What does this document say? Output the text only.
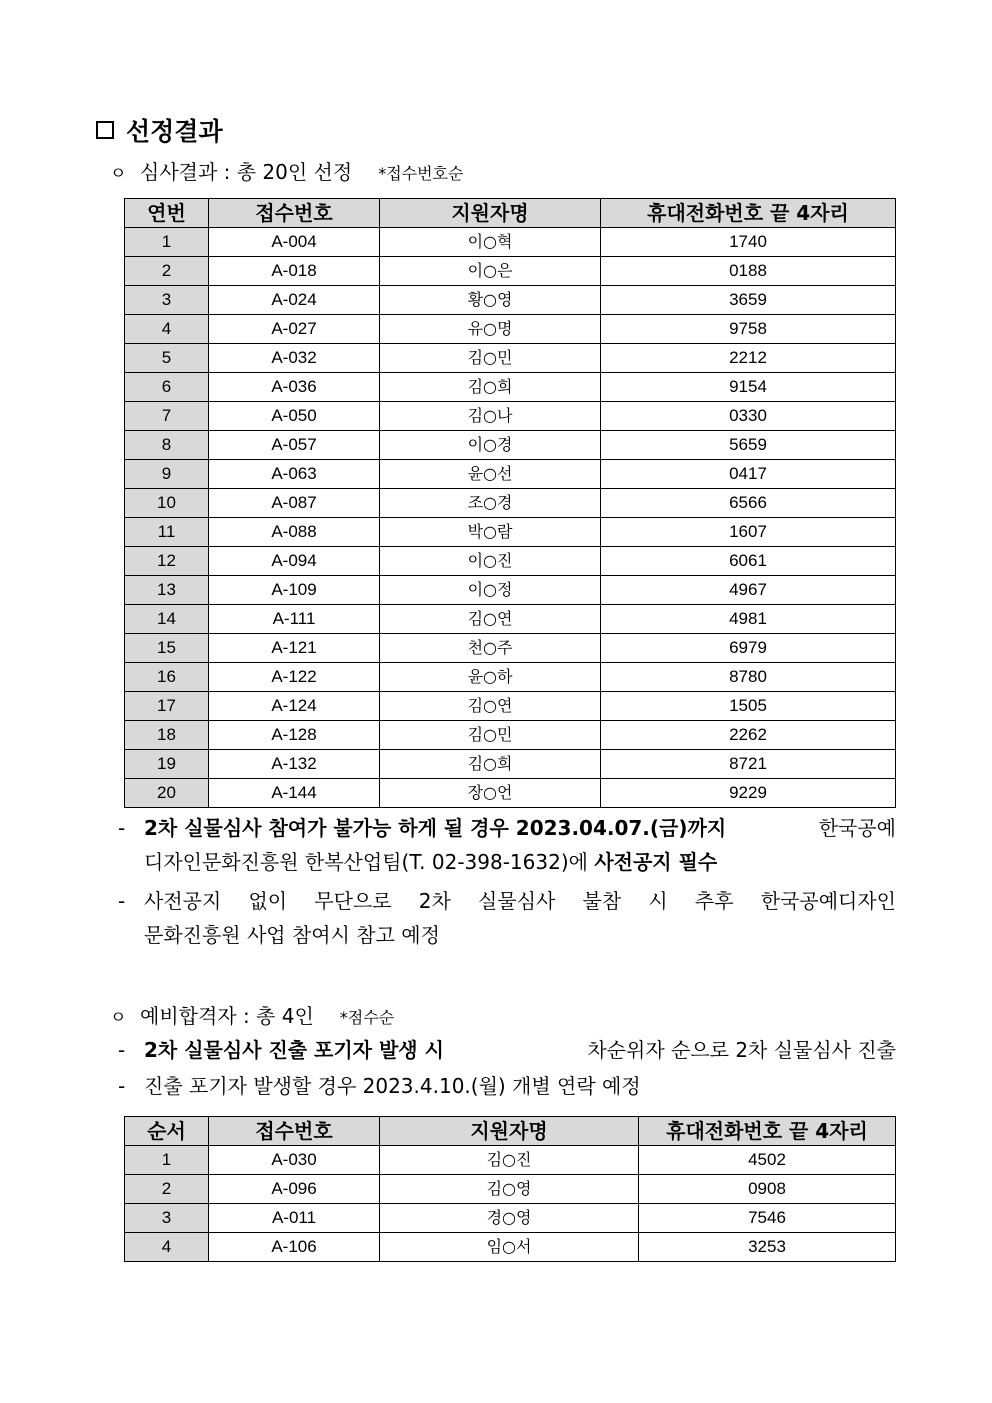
선정결과
ㅇ 심사결과 : 총 20인 선정 *접수번호순
연번	접수번호	지원자명	휴대전화번호 끝 4자리
1	A-004	이○혁	1740
2	A-018	이○은	0188
3	A-024	황○영	3659
4	A-027	유○명	9758
5	A-032	김○민	2212
6	A-036	김○희	9154
7	A-050	김○나	0330
8	A-057	이○경	5659
9	A-063	윤○선	0417
10	A-087	조○경	6566
11	A-088	박○람	1607
12	A-094	이○진	6061
13	A-109	이○정	4967
14	A-111	김○연	4981
15	A-121	천○주	6979
16	A-122	윤○하	8780
17	A-124	김○연	1505
18	A-128	김○민	2262
19	A-132	김○희	8721
20	A-144	장○언	9229
- 2차 실물심사 참여가 불가능 하게 될 경우 2023.04.07.(금)까지	한국공예
디자인문화진흥원 한복산업팀(T. 02-398-1632)에 사전공지 필수
- 사전공지 없이 무단으로 2차 실물심사 불참 시 추후 한국공예디자인
문화진흥원 사업 참여시 참고 예정
ㅇ 예비합격자 : 총 4인 *점수순
- 2차 실물심사 진출 포기자 발생 시	차순위자 순으로 2차 실물심사 진출
- 진출 포기자 발생할 경우 2023.4.10.(월) 개별 연락 예정
순서	접수번호	지원자명	휴대전화번호 끝 4자리
1	A-030	김○진	4502
2	A-096	김○영	0908
3	A-011	경○영	7546
4	A-106	임○서	3253
